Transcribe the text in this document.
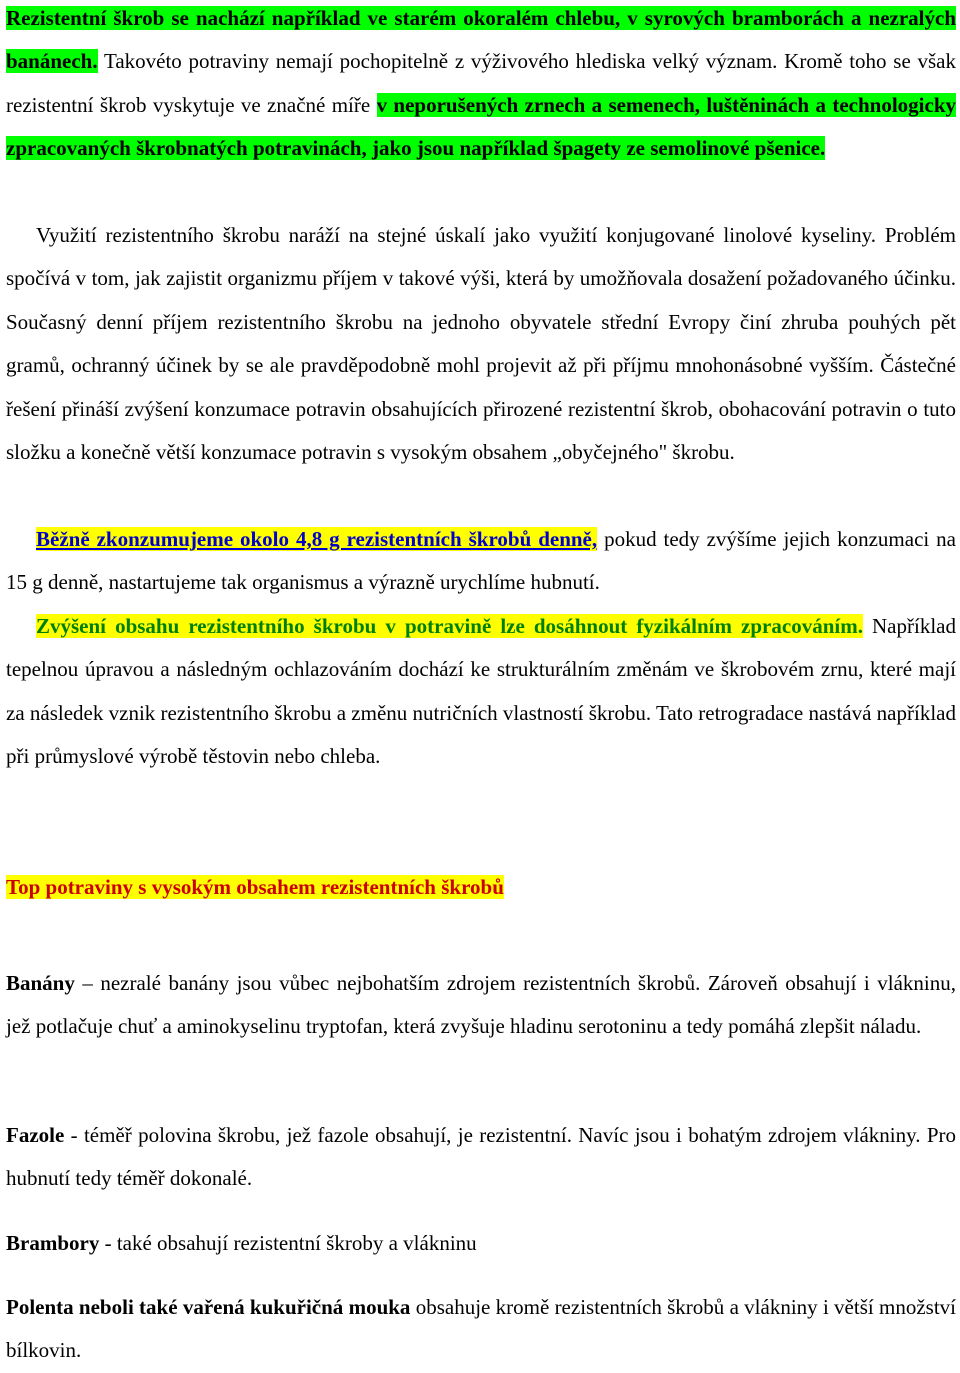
Rezistentní škrob se nachází například ve starém okoralém chlebu, v syrových bramborách a nezralých banánech. Takovéto potraviny nemají pochopitelně z výživového hlediska velký význam. Kromě toho se však rezistentní škrob vyskytuje ve značné míře v neporušených zrnech a semenech, luštěninách a technologicky zpracovaných škrobnatých potravinách, jako jsou například špagety ze semolinové pšenice.

Využití rezistentního škrobu naráží na stejné úskalí jako využití konjugované linolové kyseliny. Problém spočívá v tom, jak zajistit organizmu příjem v takové výši, která by umožňovala dosažení požadovaného účinku. Současný denní příjem rezistentního škrobu na jednoho obyvatele střední Evropy činí zhruba pouhých pět gramů, ochranný účinek by se ale pravděpodobně mohl projevit až při příjmu mnohonásobné vyšším. Částečné řešení přináší zvýšení konzumace potravin obsahujících přirozené rezistentní škrob, obohacování potravin o tuto složku a konečně větší konzumace potravin s vysokým obsahem „obyčejného" škrobu.

Běžně zkonzumujeme okolo 4,8 g rezistentních škrobů denně, pokud tedy zvýšíme jejich konzumaci na 15 g denně, nastartujeme tak organismus a výrazně urychlíme hubnutí.

Zvýšení obsahu rezistentního škrobu v potravině lze dosáhnout fyzikálním zpracováním. Například tepelnou úpravou a následným ochlazováním dochází ke strukturálním změnám ve škrobovém zrnu, které mají za následek vznik rezistentního škrobu a změnu nutričních vlastností škrobu. Tato retrogradace nastává například při průmyslové výrobě těstovin nebo chleba.

Top potraviny s vysokým obsahem rezistentních škrobů

Banány – nezralé banány jsou vůbec nejbohatším zdrojem rezistentních škrobů. Zároveň obsahují i vlákninu, jež potlačuje chuť a aminokyselinu tryptofan, která zvyšuje hladinu serotoninu a tedy pomáhá zlepšit náladu.

Fazole - téměř polovina škrobu, jež fazole obsahují, je rezistentní. Navíc jsou i bohatým zdrojem vlákniny. Pro hubnutí tedy téměř dokonalé.

Brambory - také obsahují rezistentní škroby a vlákninu

Polenta neboli také vařená kukuřičná mouka obsahuje kromě rezistentních škrobů a vlákniny i větší množství bílkovin.
